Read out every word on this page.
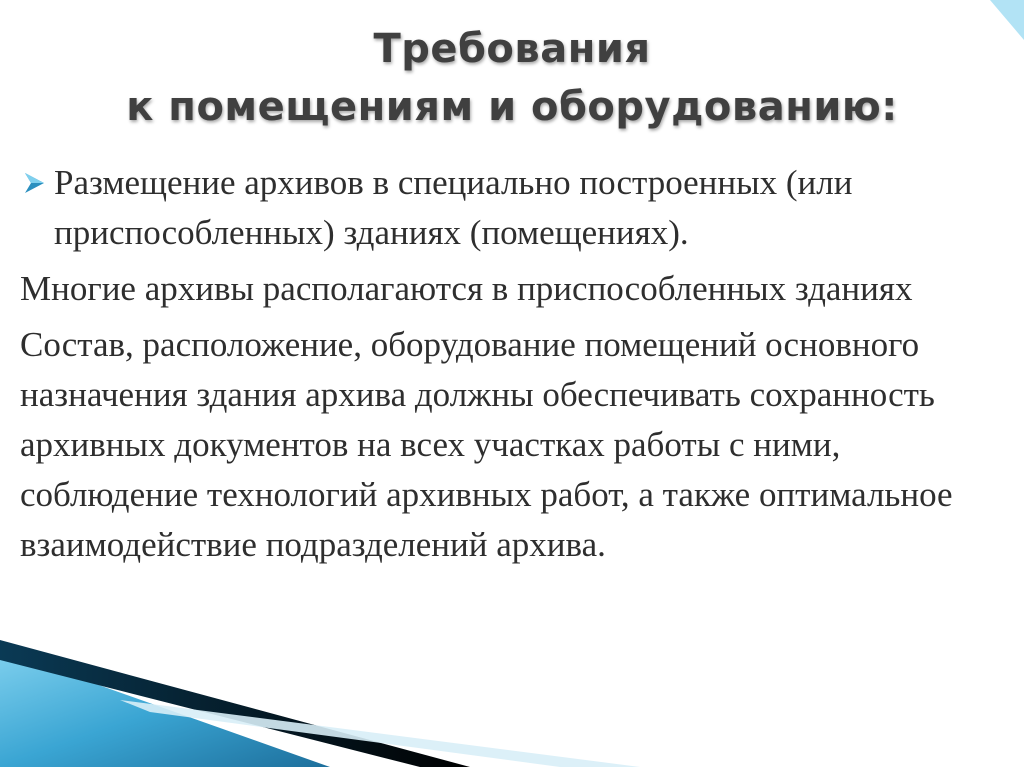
Требования
к помещениям и оборудованию:
Размещение архивов в специально построенных (или приспособленных) зданиях (помещениях).
Многие архивы располагаются в приспособленных зданиях
Состав, расположение, оборудование помещений основного назначения здания архива должны обеспечивать сохранность архивных документов на всех участках работы с ними, соблюдение технологий архивных работ, а также оптимальное взаимодействие подразделений архива.
